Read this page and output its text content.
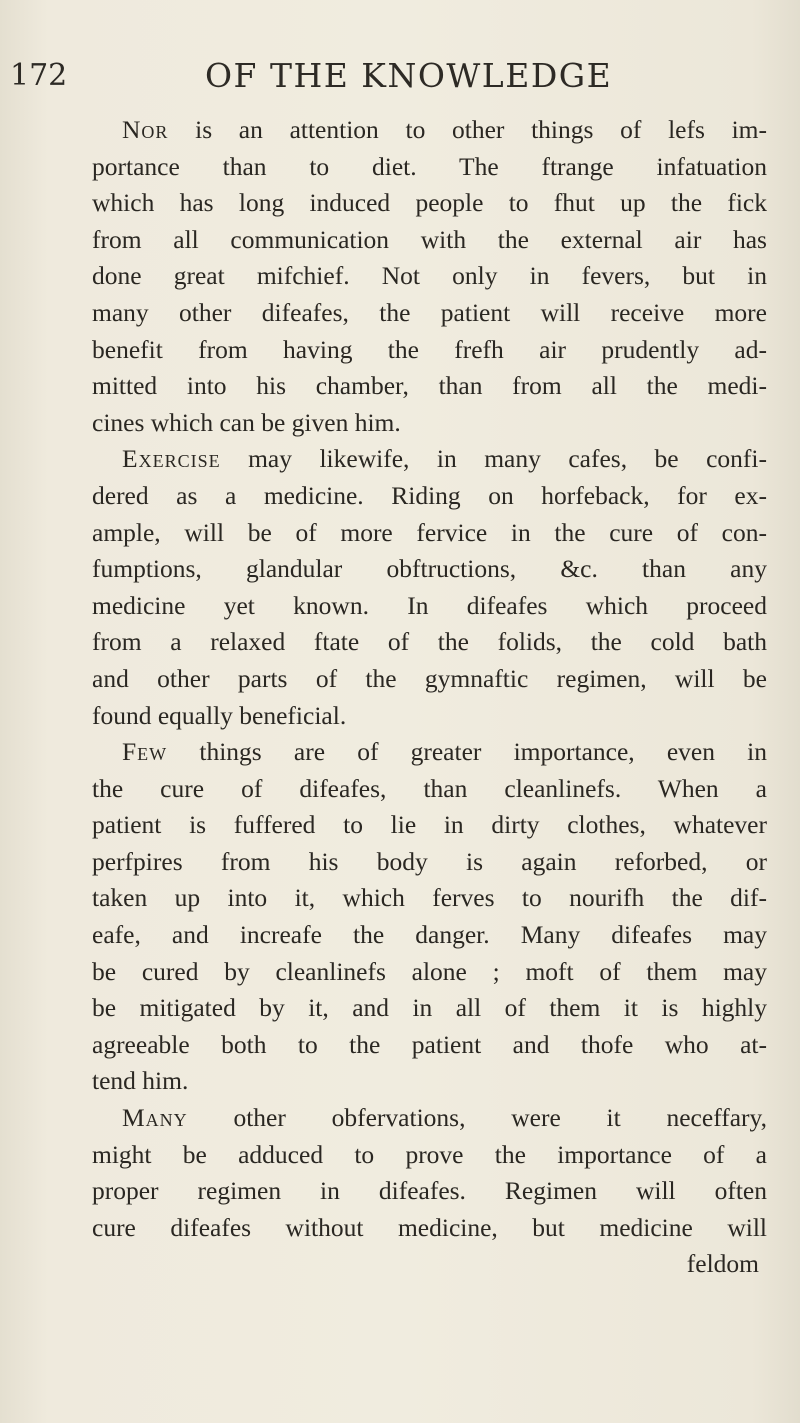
172	OF THE KNOWLEDGE
Nor is an attention to other things of lefs im-
portance than to diet. The ftrange infatuation
which has long induced people to fhut up the fick
from all communication with the external air has
done great mifchief. Not only in fevers, but in
many other difeafes, the patient will receive more
benefit from having the frefh air prudently ad-
mitted into his chamber, than from all the medi-
cines which can be given him.
Exercise may likewife, in many cafes, be confi-
dered as a medicine. Riding on horfeback, for ex-
ample, will be of more fervice in the cure of con-
fumptions, glandular obftructions, &c. than any
medicine yet known. In difeafes which proceed
from a relaxed ftate of the folids, the cold bath
and other parts of the gymnaftic regimen, will be
found equally beneficial.
Few things are of greater importance, even in
the cure of difeafes, than cleanlinefs. When a
patient is fuffered to lie in dirty clothes, whatever
perfpires from his body is again reforbed, or
taken up into it, which ferves to nourifh the dif-
eafe, and increafe the danger. Many difeafes may
be cured by cleanlinefs alone ; moft of them may
be mitigated by it, and in all of them it is highly
agreeable both to the patient and thofe who at-
tend him.
Many other obfervations, were it neceffary,
might be adduced to prove the importance of a
proper regimen in difeafes. Regimen will often
cure difeafes without medicine, but medicine will
feldom
